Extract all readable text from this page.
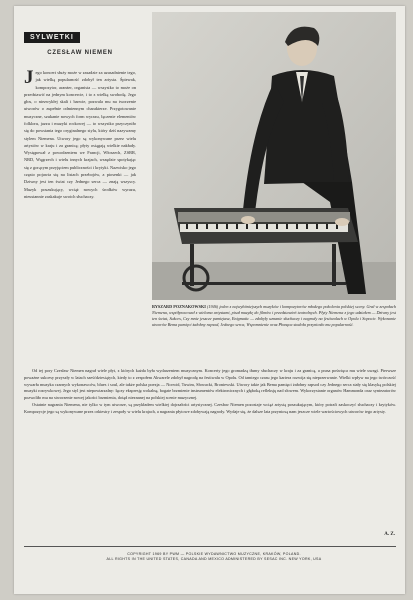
SYLWETKI
CZESŁAW NIEMEN
J ego koncert służy może w zasadzie za uzasadnienie tego, jak wielką popularność zdobył ten artysta. Śpiewak, kompozytor, aranżer, organista — wszystko to może on przedstawić na jednym koncercie, i to z wielką swobodą. Jego głos, o niezwykłej skali i barwie, pozwala mu na tworzenie utworów o zupełnie odmiennym charakterze. Przygotowanie muzyczne, szukanie nowych form wyrazu, łączenie elementów folkloru, jazzu i muzyki rockowej — to wszystko przyczyniło się do powstania tego oryginalnego stylu, który dziś nazywamy stylem Niemena. Utwory jego są wykonywane przez wielu artystów w kraju i za granicą; płyty osiągają wielkie nakłady. Występował z powodzeniem we Francji, Włoszech, ZSRR, NRD, Węgrzech i wielu innych krajach, wszędzie spotykając się z gorącym przyjęciem publiczności i krytyki. Nazwisko jego często pojawia się na listach przebojów, a piosenki — jak Dziwny jest ten świat czy Jednego serca — znają wszyscy. Muzyk poszukujący, wciąż nowych środków wyrazu, nieustannie zaskakuje swoich słuchaczy.
RYSZARD POZNAKOWSKI (1946) jeden z najwybitniejszych muzyków i kompozytorów młodego pokolenia polskiej sceny. Grał w zespołach Niemena, współpracował z wieloma artystami, pisał muzykę do filmów i przedstawień teatralnych. Płyty Niemena z jego udziałem — Dziwny jest ten świat, Sukces, Czy mnie jeszcze pamiętasz, Enigmatic — zdobyły uznanie słuchaczy i nagrody na festiwalach w Opolu i Sopocie. Wykonanie utworów Bema pamięci żałobny rapsod, Jednego serca, Wspomnienie oraz Płonąca stodoła przyniosło mu popularność.

Od tej pory Czesław Niemen nagrał wiele płyt, z których każda była wydarzeniem muzycznym. Koncerty jego gromadzą tłumy słuchaczy w kraju i za granicą, a prasa poświęca mu wiele uwagi. Pierwsze poważne sukcesy przyszły w latach sześćdziesiątych, kiedy to z zespołem Akwarele zdobył nagrodę na festiwalu w Opolu. Od tamtego czasu jego kariera rozwija się nieprzerwanie. Wielki wpływ na jego twórczość wywarła muzyka czarnych wykonawców, blues i soul, ale także polska poezja — Norwid, Tuwim, Słowacki, Broniewski. Utwory takie jak Bema pamięci żałobny rapsod czy Jednego serca stały się klasyką polskiej muzyki rozrywkowej. Jego styl jest niepowtarzalny: łączy ekspresję wokalną, bogate brzmienie instrumentów elektronicznych i głęboką refleksję nad słowem. Wykorzystanie organów Hammonda oraz syntezatorów pozwoliło mu na stworzenie nowej jakości brzmienia, dotąd nieznanej na polskiej scenie muzycznej.

Ostatnie nagrania Niemena, nie tylko w tym utworze, są przykładem wielkiej dojrzałości artystycznej. Czesław Niemen pozostaje wciąż artystą poszukującym, który potrafi zaskoczyć słuchaczy i krytyków. Kompozycje jego są wykonywane przez orkiestry i zespoły w wielu krajach, a nagrania płytowe zdobywają nagrody. Wydaje się, że dalsze lata przyniosą nam jeszcze wiele wartościowych utworów tego artysty.

A. Z.
COPYRIGHT 1969 BY PWM — POLSKIE WYDAWNICTWO MUZYCZNE, KRAKÓW, POLAND.
ALL RIGHTS IN THE UNITED STATES, CANADA AND MEXICO ADMINISTERED BY SESAC INC. NEW YORK, USA
